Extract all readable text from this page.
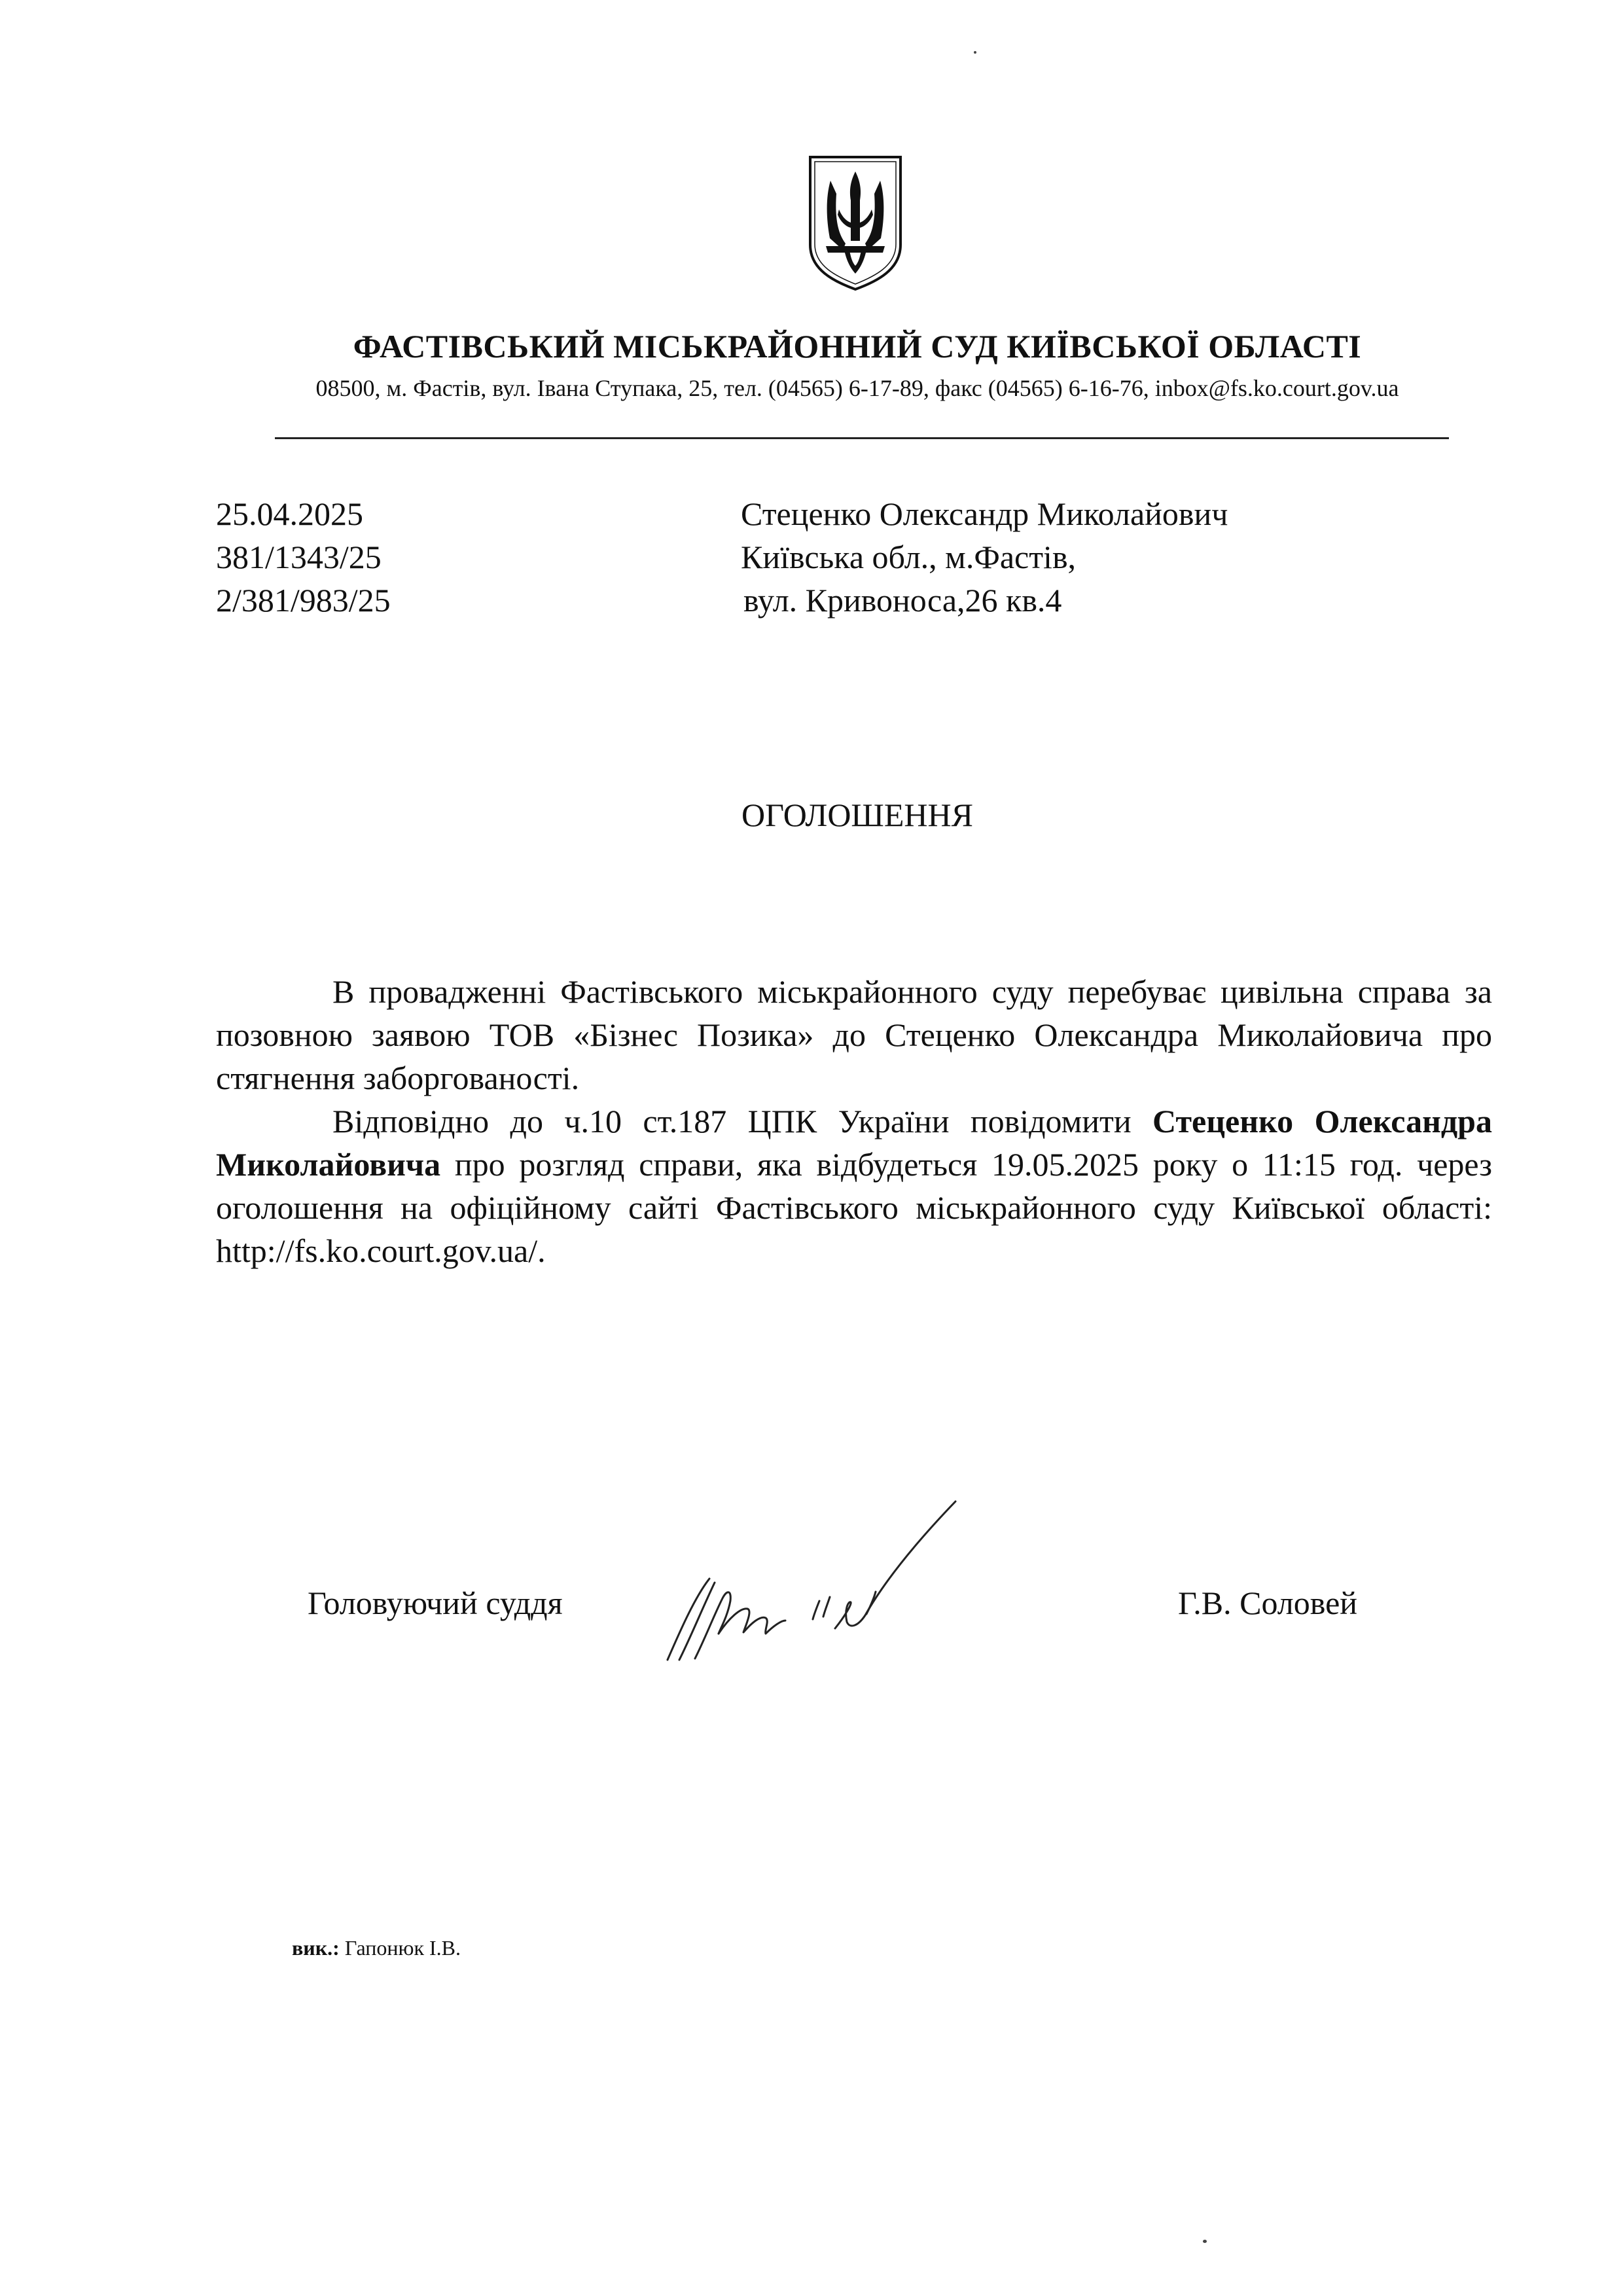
ФАСТІВСЬКИЙ МІСЬКРАЙОННИЙ СУД КИЇВСЬКОЇ ОБЛАСТІ
08500, м. Фастів, вул. Івана Ступака, 25, тел. (04565) 6-17-89, факс (04565) 6-16-76, inbox@fs.ko.court.gov.ua
25.04.2025
381/1343/25
2/381/983/25
Стеценко Олександр Миколайович
Київська обл., м.Фастів,
вул. Кривоноса,26 кв.4
ОГОЛОШЕННЯ

В провадженні Фастівського міськрайонного суду перебуває цивільна справа за позовною заявою ТОВ «Бізнес Позика» до Стеценко Олександра Миколайовича про стягнення заборгованості.

Відповідно до ч.10 ст.187 ЦПК України повідомити Стеценко Олександра Миколайовича про розгляд справи, яка відбудеться 19.05.2025 року о 11:15 год. через оголошення на офіційному сайті Фастівського міськрайонного суду Київської області: http://fs.ko.court.gov.ua/.

Головуючий суддя	Г.В. Соловей
вик.: Гапонюк І.В.
